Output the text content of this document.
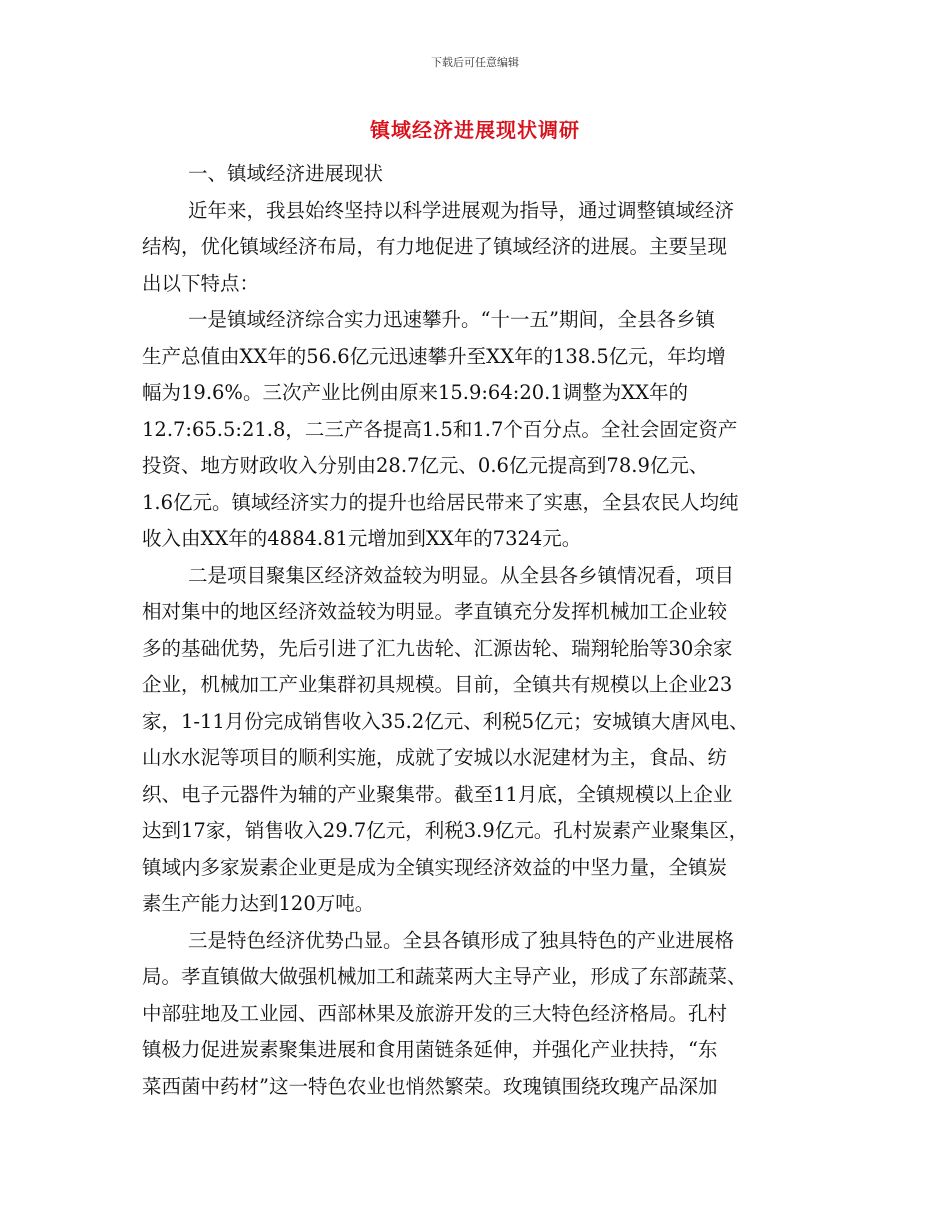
下载后可任意编辑
镇域经济进展现状调研
一、镇域经济进展现状
近年来，我县始终坚持以科学进展观为指导，通过调整镇域经济
结构，优化镇域经济布局，有力地促进了镇域经济的进展。主要呈现
出以下特点：
一是镇域经济综合实力迅速攀升。“十一五”期间，全县各乡镇
生产总值由XX年的56.6亿元迅速攀升至XX年的138.5亿元，年均增
幅为19.6%。三次产业比例由原来15.9:64:20.1调整为XX年的
12.7:65.5:21.8，二三产各提高1.5和1.7个百分点。全社会固定资产
投资、地方财政收入分别由28.7亿元、0.6亿元提高到78.9亿元、
1.6亿元。镇域经济实力的提升也给居民带来了实惠，全县农民人均纯
收入由XX年的4884.81元增加到XX年的7324元。
二是项目聚集区经济效益较为明显。从全县各乡镇情况看，项目
相对集中的地区经济效益较为明显。孝直镇充分发挥机械加工企业较
多的基础优势，先后引进了汇九齿轮、汇源齿轮、瑞翔轮胎等30余家
企业，机械加工产业集群初具规模。目前，全镇共有规模以上企业23
家，1-11月份完成销售收入35.2亿元、利税5亿元；安城镇大唐风电、
山水水泥等项目的顺利实施，成就了安城以水泥建材为主，食品、纺
织、电子元器件为辅的产业聚集带。截至11月底，全镇规模以上企业
达到17家，销售收入29.7亿元，利税3.9亿元。孔村炭素产业聚集区，
镇域内多家炭素企业更是成为全镇实现经济效益的中坚力量，全镇炭
素生产能力达到120万吨。
三是特色经济优势凸显。全县各镇形成了独具特色的产业进展格
局。孝直镇做大做强机械加工和蔬菜两大主导产业，形成了东部蔬菜、
中部驻地及工业园、西部林果及旅游开发的三大特色经济格局。孔村
镇极力促进炭素聚集进展和食用菌链条延伸，并强化产业扶持，“东
菜西菌中药材”这一特色农业也悄然繁荣。玫瑰镇围绕玫瑰产品深加
